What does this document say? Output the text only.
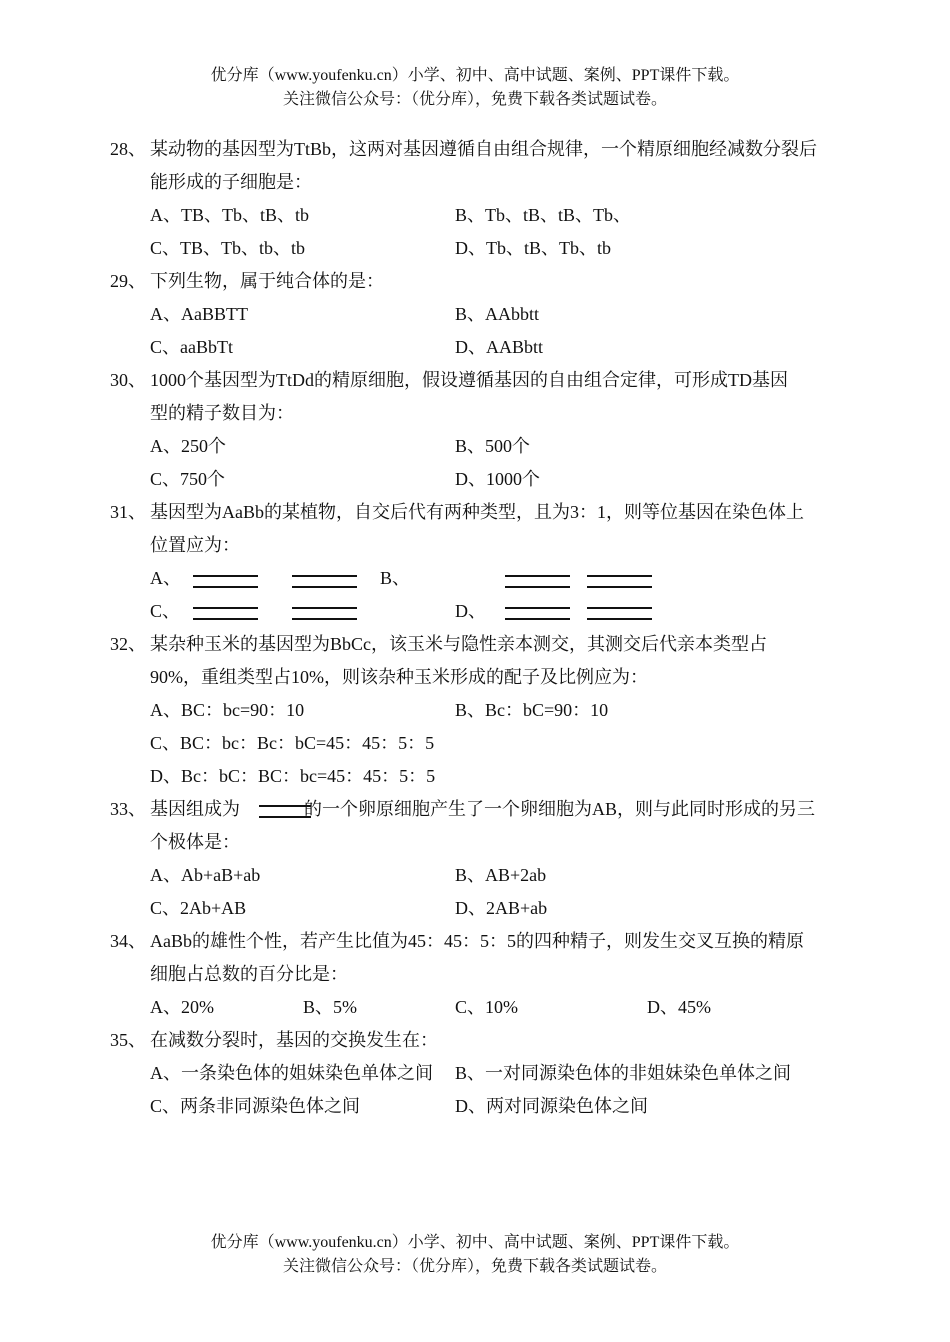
优分库（www.youfenku.cn）小学、初中、高中试题、案例、PPT课件下载。
关注微信公众号：（优分库），免费下载各类试题试卷。
28、 某动物的基因型为TtBb，这两对基因遵循自由组合规律，一个精原细胞经减数分裂后
能形成的子细胞是：
A、TB、Tb、tB、tb	B、Tb、tB、tB、Tb、
C、TB、Tb、tb、tb	D、Tb、tB、Tb、tb
29、 下列生物，属于纯合体的是：
A、AaBBTT	B、AAbbtt
C、aaBbTt	D、AABbtt
30、 1000个基因型为TtDd的精原细胞，假设遵循基因的自由组合定律，可形成TD基因
型的精子数目为：
A、250个	B、500个
C、750个	D、1000个
31、 基因型为AaBb的某植物，自交后代有两种类型，且为3：1，则等位基因在染色体上
位置应为：
A、	B、
C、	D、
32、 某杂种玉米的基因型为BbCc，该玉米与隐性亲本测交，其测交后代亲本类型占
90%，重组类型占10%，则该杂种玉米形成的配子及比例应为：
A、BC：bc=90：10	B、Bc：bC=90：10
C、BC：bc：Bc：bC=45：45：5：5
D、Bc：bC：BC：bc=45：45：5：5
33、 基因组成为	的一个卵原细胞产生了一个卵细胞为AB，则与此同时形成的另三
个极体是：
A、Ab+aB+ab	B、AB+2ab
C、2Ab+AB	D、2AB+ab
34、 AaBb的雄性个性，若产生比值为45：45：5：5的四种精子，则发生交叉互换的精原
细胞占总数的百分比是：
A、20%	B、5%	C、10%	D、45%
35、 在减数分裂时，基因的交换发生在：
A、一条染色体的姐妹染色单体之间 B、一对同源染色体的非姐妹染色单体之间
C、两条非同源染色体之间	D、两对同源染色体之间
优分库（www.youfenku.cn）小学、初中、高中试题、案例、PPT课件下载。
关注微信公众号：（优分库），免费下载各类试题试卷。
